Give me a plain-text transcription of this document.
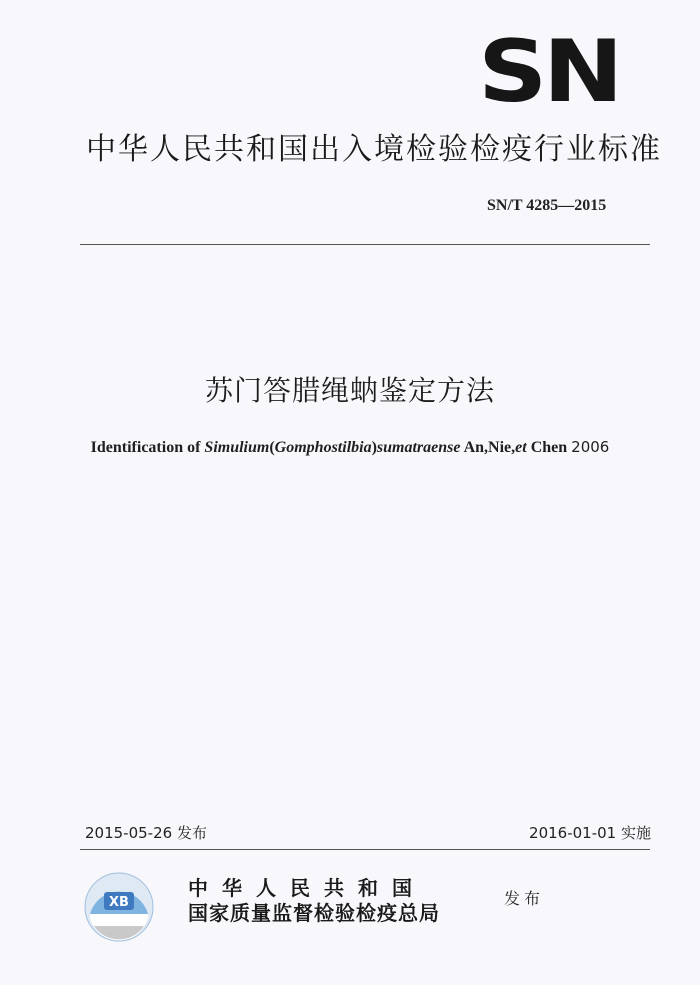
SN
中华人民共和国出入境检验检疫行业标准
SN/T 4285—2015
苏门答腊绳蚋鉴定方法
Identification of Simulium(Gomphostilbia)sumatraense An,Nie,et Chen 2006
2015-05-26 发布	2016-01-01 实施
XB
中华人民共和国
国家质量监督检验检疫总局
发布
